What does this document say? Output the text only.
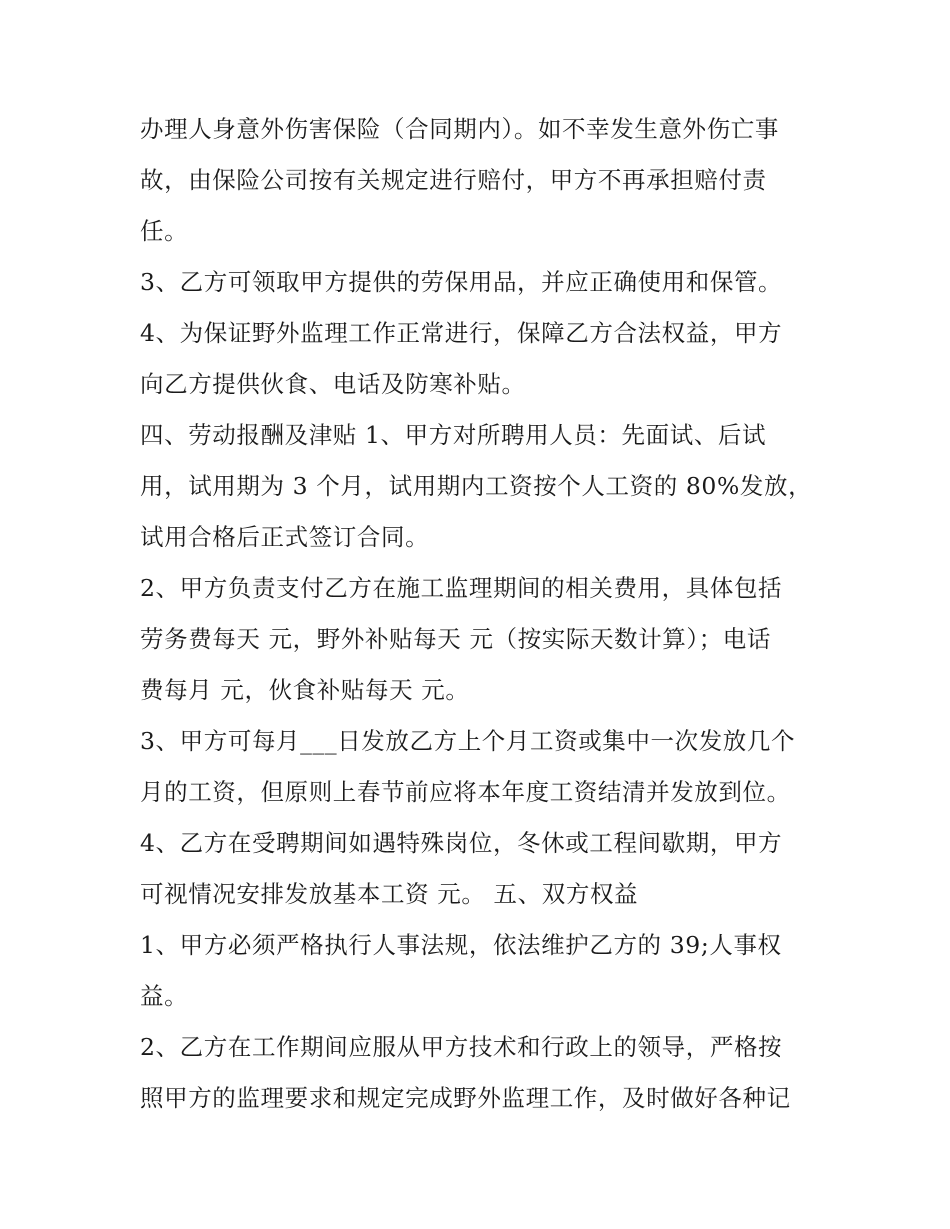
办理人身意外伤害保险（合同期内）。如不幸发生意外伤亡事
故，由保险公司按有关规定进行赔付，甲方不再承担赔付责
任。
3、乙方可领取甲方提供的劳保用品，并应正确使用和保管。
4、为保证野外监理工作正常进行，保障乙方合法权益，甲方
向乙方提供伙食、电话及防寒补贴。
四、劳动报酬及津贴 1、甲方对所聘用人员：先面试、后试
用，试用期为 3 个月，试用期内工资按个人工资的 80%发放，
试用合格后正式签订合同。
2、甲方负责支付乙方在施工监理期间的相关费用，具体包括
劳务费每天 元，野外补贴每天 元（按实际天数计算）；电话
费每月 元，伙食补贴每天 元。
3、甲方可每月___日发放乙方上个月工资或集中一次发放几个
月的工资，但原则上春节前应将本年度工资结清并发放到位。
4、乙方在受聘期间如遇特殊岗位，冬休或工程间歇期，甲方
可视情况安排发放基本工资 元。 五、双方权益
1、甲方必须严格执行人事法规，依法维护乙方的 39;人事权
益。
2、乙方在工作期间应服从甲方技术和行政上的领导，严格按
照甲方的监理要求和规定完成野外监理工作，及时做好各种记
